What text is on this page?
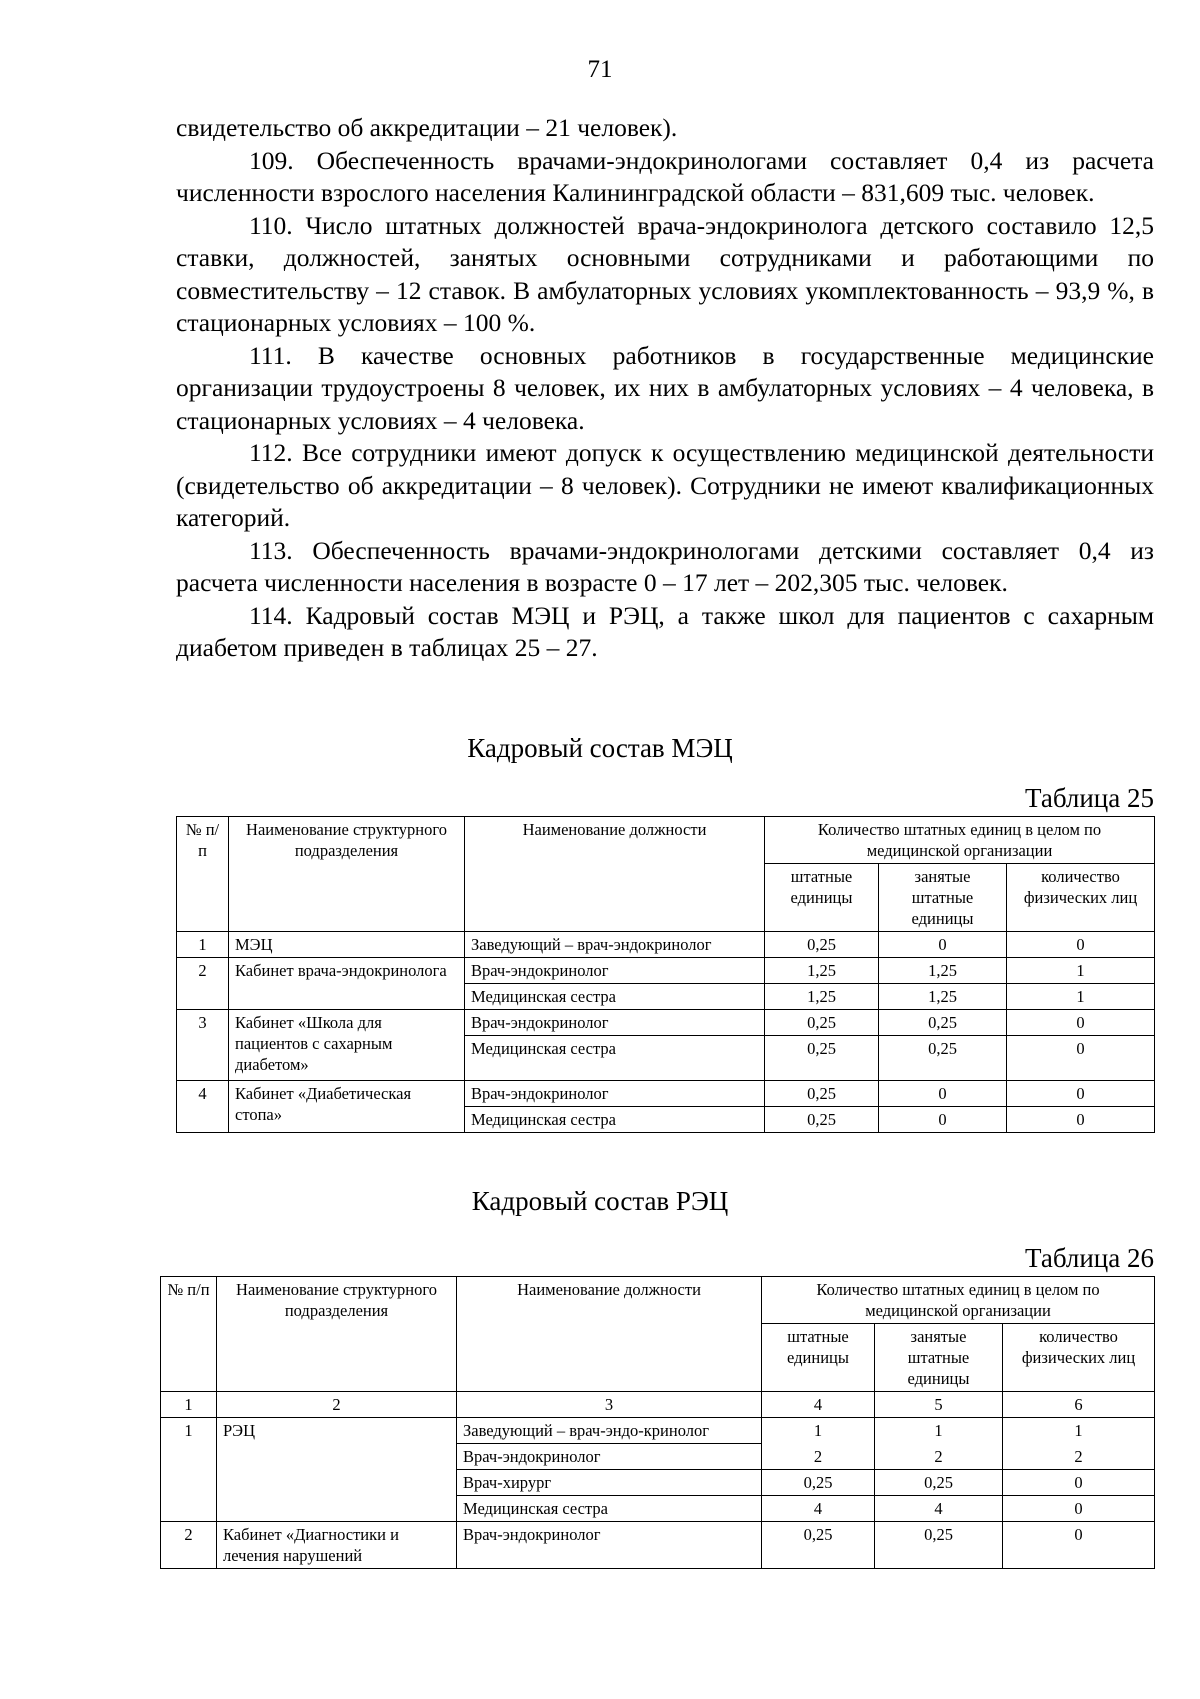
71

свидетельство об аккредитации – 21 человек).

109. Обеспеченность врачами-эндокринологами составляет 0,4 из расчета численности взрослого населения Калининградской области – 831,609 тыс. человек.

110. Число штатных должностей врача-эндокринолога детского составило 12,5 ставки, должностей, занятых основными сотрудниками и работающими по совместительству – 12 ставок. В амбулаторных условиях укомплектованность – 93,9 %, в стационарных условиях – 100 %.

111. В качестве основных работников в государственные медицинские организации трудоустроены 8 человек, их них в амбулаторных условиях – 4 человека, в стационарных условиях – 4 человека.

112. Все сотрудники имеют допуск к осуществлению медицинской деятельности (свидетельство об аккредитации – 8 человек). Сотрудники не имеют квалификационных категорий.

113. Обеспеченность врачами-эндокринологами детскими составляет 0,4 из расчета численности населения в возрасте 0 – 17 лет – 202,305 тыс. человек.

114. Кадровый состав МЭЦ и РЭЦ, а также школ для пациентов с сахарным диабетом приведен в таблицах 25 – 27.

Кадровый состав МЭЦ
Таблица 25
№ п/п	Наименование структурного подразделения	Наименование должности	Количество штатных единиц в целом по медицинской организации		
			штатные единицы	занятые штатные единицы	количество физических лиц
1	МЭЦ	Заведующий – врач-эндокринолог	0,25	0	0
2	Кабинет врача-эндокринолога	Врач-эндокринолог	1,25	1,25	1
		Медицинская сестра	1,25	1,25	1
3	Кабинет «Школа для пациентов с сахарным диабетом»	Врач-эндокринолог	0,25	0,25	0
		Медицинская сестра	0,25	0,25	0
4	Кабинет «Диабетическая стопа»	Врач-эндокринолог	0,25	0	0
		Медицинская сестра	0,25	0	0
Кадровый состав РЭЦ
Таблица 26
№ п/п	Наименование структурного подразделения	Наименование должности	Количество штатных единиц в целом по медицинской организации		
			штатные единицы	занятые штатные единицы	количество физических лиц
1	2	3	4	5	6
1	РЭЦ	Заведующий – врач-эндо-кринолог	1	1	1
		Врач-эндокринолог	2	2	2
		Врач-хирург	0,25	0,25	0
		Медицинская сестра	4	4	0
2	Кабинет «Диагностики и лечения нарушений	Врач-эндокринолог	0,25	0,25	0
